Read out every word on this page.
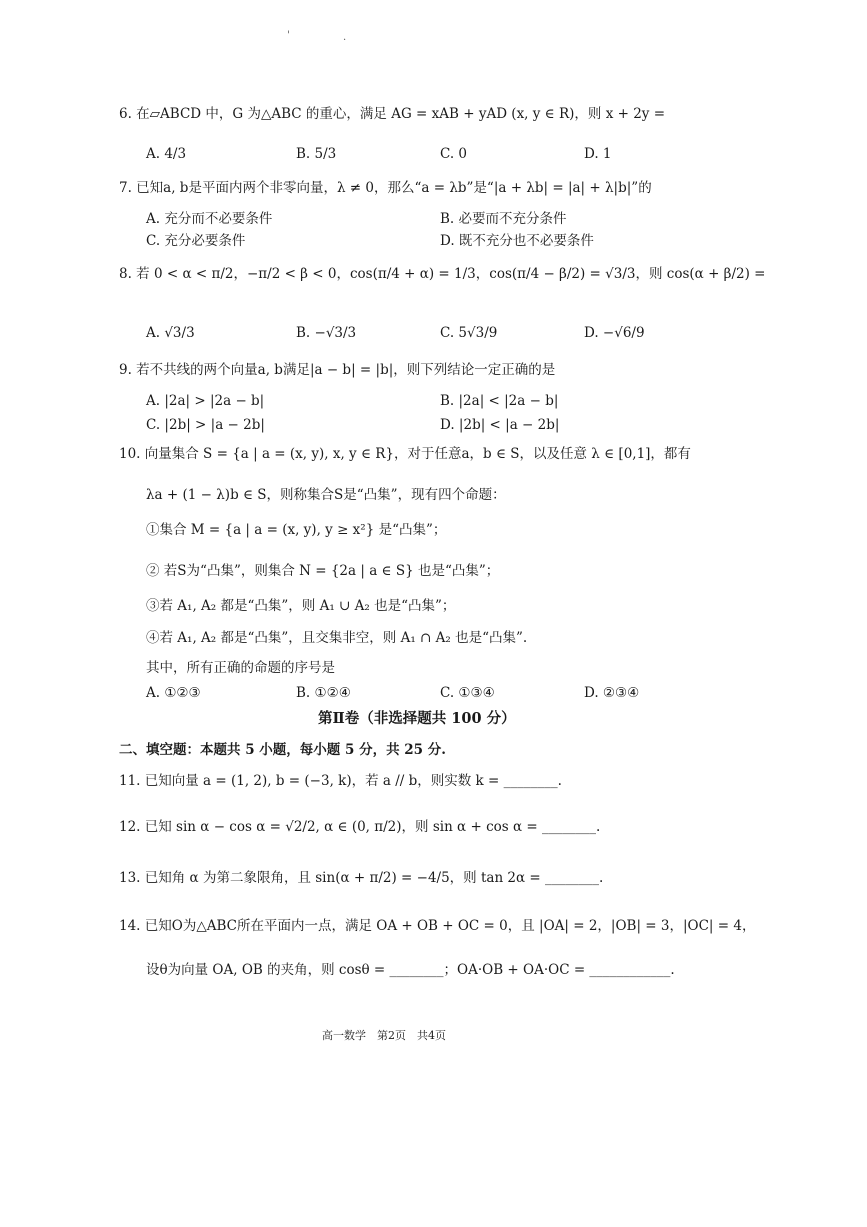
'	.
6. 在▱ABCD 中，G 为△ABC 的重心，满足 AG = xAB + yAD (x, y ∈ R)，则 x + 2y =
A. 4/3	B. 5/3	C. 0	D. 1
7. 已知a, b是平面内两个非零向量，λ ≠ 0，那么“a = λb”是“|a + λb| = |a| + λ|b|”的
A. 充分而不必要条件	B. 必要而不充分条件
C. 充分必要条件	D. 既不充分也不必要条件
8. 若 0 < α < π/2，−π/2 < β < 0，cos(π/4 + α) = 1/3，cos(π/4 − β/2) = √3/3，则 cos(α + β/2) =
A. √3/3	B. −√3/3	C. 5√3/9	D. −√6/9
9. 若不共线的两个向量a, b满足|a − b| = |b|，则下列结论一定正确的是
A. |2a| > |2a − b|	B. |2a| < |2a − b|
C. |2b| > |a − 2b|	D. |2b| < |a − 2b|
10. 向量集合 S = {a | a = (x, y), x, y ∈ R}，对于任意a，b ∈ S，以及任意 λ ∈ [0,1]，都有
λa + (1 − λ)b ∈ S，则称集合S是“凸集”，现有四个命题：
①集合 M = {a | a = (x, y), y ≥ x²} 是“凸集”；
② 若S为“凸集”，则集合 N = {2a | a ∈ S} 也是“凸集”；
③若 A₁, A₂ 都是“凸集”，则 A₁ ∪ A₂ 也是“凸集”；
④若 A₁, A₂ 都是“凸集”，且交集非空，则 A₁ ∩ A₂ 也是“凸集”.
其中，所有正确的命题的序号是
A. ①②③	B. ①②④	C. ①③④	D. ②③④
第Ⅱ卷（非选择题共 100 分）
二、填空题：本题共 5 小题，每小题 5 分，共 25 分.
11. 已知向量 a = (1, 2), b = (−3, k)，若 a // b，则实数 k = ________.
12. 已知 sin α − cos α = √2/2, α ∈ (0, π/2)，则 sin α + cos α = ________.
13. 已知角 α 为第二象限角，且 sin(α + π/2) = −4/5，则 tan 2α = ________.
14. 已知O为△ABC所在平面内一点，满足 OA + OB + OC = 0，且 |OA| = 2，|OB| = 3，|OC| = 4，
设θ为向量 OA, OB 的夹角，则 cosθ = ________；OA·OB + OA·OC = ____________.
高一数学　第2页　共4页
